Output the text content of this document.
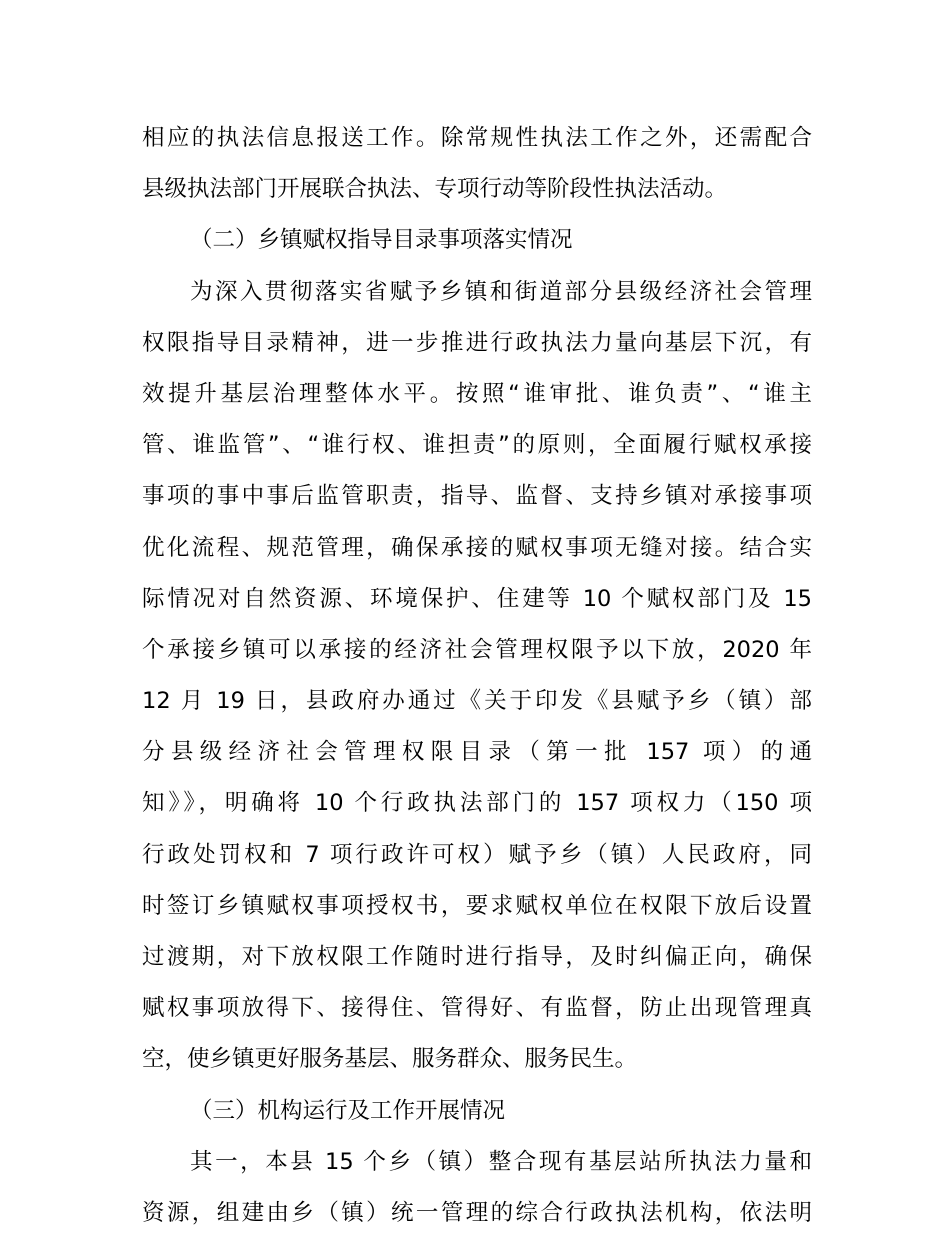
相应的执法信息报送工作。除常规性执法工作之外，还需配合
县级执法部门开展联合执法、专项行动等阶段性执法活动。
（二）乡镇赋权指导目录事项落实情况
为深入贯彻落实省赋予乡镇和街道部分县级经济社会管理
权限指导目录精神，进一步推进行政执法力量向基层下沉，有
效提升基层治理整体水平。按照“谁审批、谁负责”、“谁主
管、谁监管”、“谁行权、谁担责”的原则，全面履行赋权承接
事项的事中事后监管职责，指导、监督、支持乡镇对承接事项
优化流程、规范管理，确保承接的赋权事项无缝对接。结合实
际情况对自然资源、环境保护、住建等 10 个赋权部门及 15
个承接乡镇可以承接的经济社会管理权限予以下放，2020 年
12 月 19 日，县政府办通过《关于印发《县赋予乡（镇）部
分县级经济社会管理权限目录（第一批 157 项）的通
知》》，明确将 10 个行政执法部门的 157 项权力（150 项
行政处罚权和 7 项行政许可权）赋予乡（镇）人民政府，同
时签订乡镇赋权事项授权书，要求赋权单位在权限下放后设置
过渡期，对下放权限工作随时进行指导，及时纠偏正向，确保
赋权事项放得下、接得住、管得好、有监督，防止出现管理真
空，使乡镇更好服务基层、服务群众、服务民生。
（三）机构运行及工作开展情况
其一，本县 15 个乡（镇）整合现有基层站所执法力量和
资源，组建由乡（镇）统一管理的综合行政执法机构，依法明
